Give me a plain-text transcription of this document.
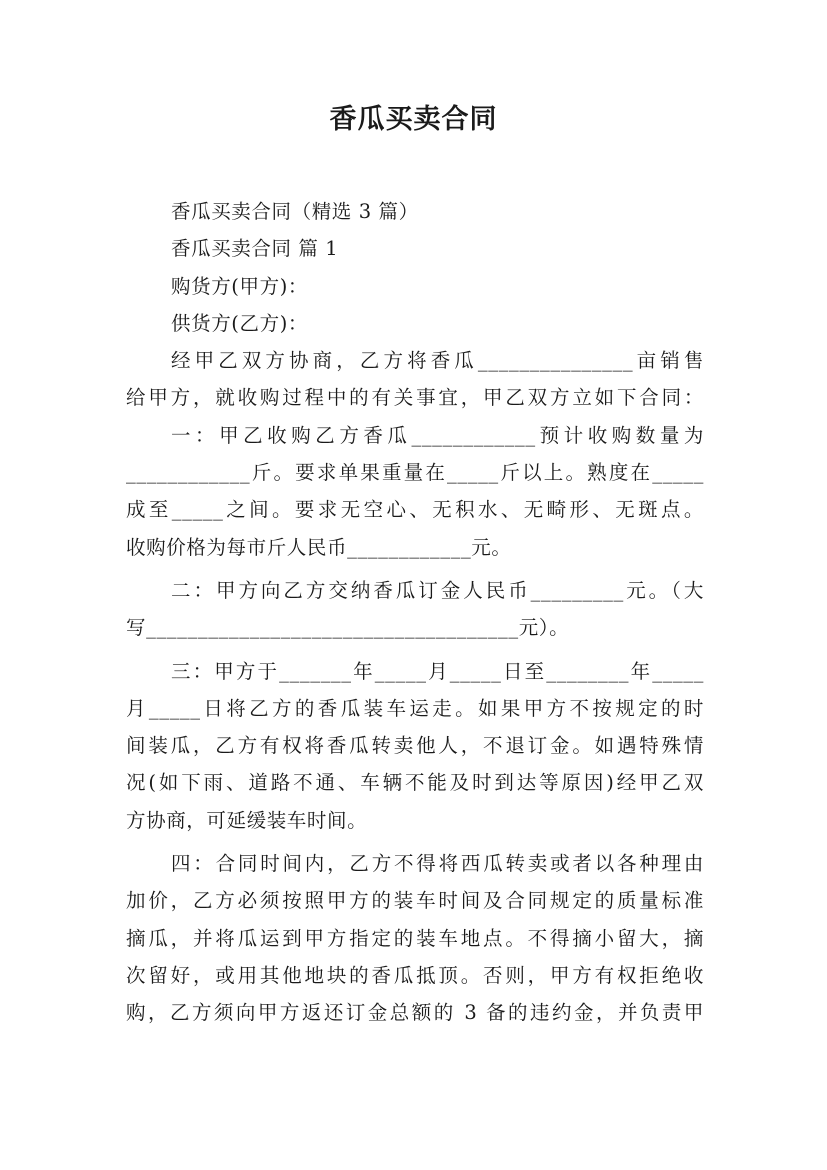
香瓜买卖合同
香瓜买卖合同（精选 3 篇）
香瓜买卖合同 篇 1
购货方(甲方)：
供货方(乙方)：
经甲乙双方协商，乙方将香瓜_______________亩销售
给甲方，就收购过程中的有关事宜，甲乙双方立如下合同：
一：甲乙收购乙方香瓜____________预计收购数量为
____________斤。要求单果重量在_____斤以上。熟度在_____
成至_____之间。要求无空心、无积水、无畸形、无斑点。
收购价格为每市斤人民币____________元。
二：甲方向乙方交纳香瓜订金人民币_________元。（大
写____________________________________元）。
三：甲方于_______年_____月_____日至________年_____
月_____日将乙方的香瓜装车运走。如果甲方不按规定的时
间装瓜，乙方有权将香瓜转卖他人，不退订金。如遇特殊情
况(如下雨、道路不通、车辆不能及时到达等原因)经甲乙双
方协商，可延缓装车时间。
四：合同时间内，乙方不得将西瓜转卖或者以各种理由
加价，乙方必须按照甲方的装车时间及合同规定的质量标准
摘瓜，并将瓜运到甲方指定的装车地点。不得摘小留大，摘
次留好，或用其他地块的香瓜抵顶。否则，甲方有权拒绝收
购，乙方须向甲方返还订金总额的 3 备的违约金，并负责甲
